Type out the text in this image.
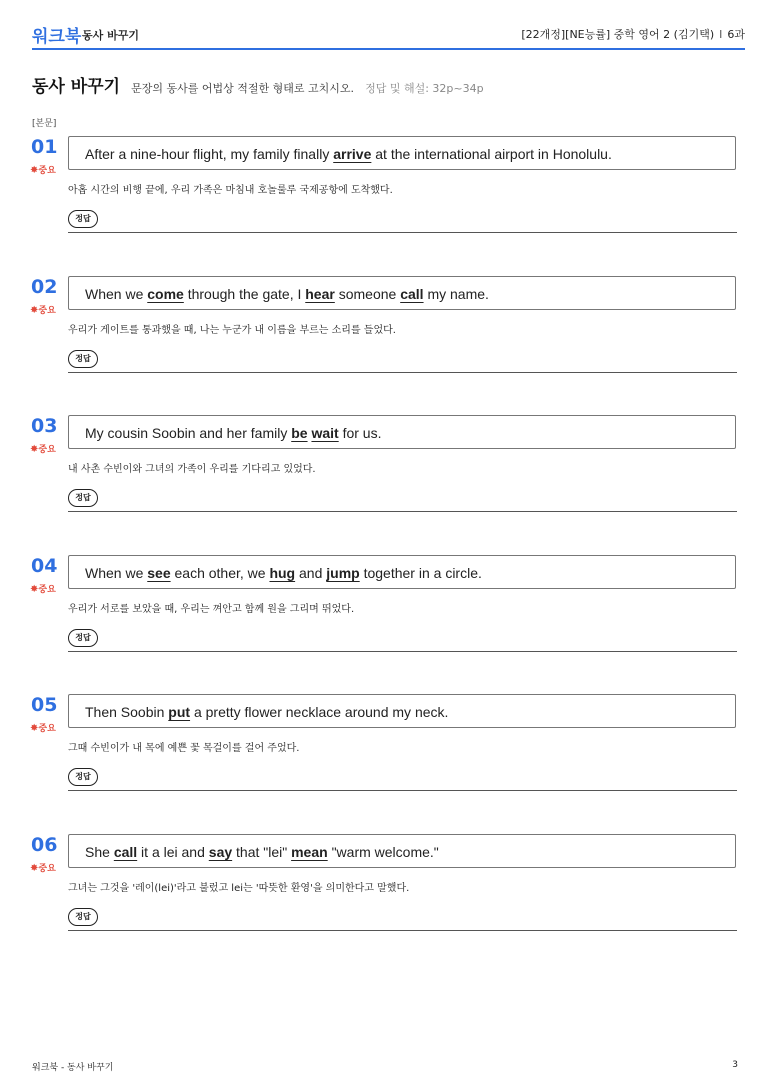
워크북 동사 바꾸기	[22개정][NE능률] 중학 영어 2 (김기택) I 6과
동사 바꾸기 문장의 동사를 어법상 적절한 형태로 고치시오. 정답 및 해설: 32p~34p
[본문]
01
✸중요
After a nine-hour flight, my family finally arrive at the international airport in Honolulu.
아홉 시간의 비행 끝에, 우리 가족은 마침내 호놀룰루 국제공항에 도착했다.
정답
02
✸중요
When we come through the gate, I hear someone call my name.
우리가 게이트를 통과했을 때, 나는 누군가 내 이름을 부르는 소리를 들었다.
정답
03
✸중요
My cousin Soobin and her family be wait for us.
내 사촌 수빈이와 그녀의 가족이 우리를 기다리고 있었다.
정답
04
✸중요
When we see each other, we hug and jump together in a circle.
우리가 서로를 보았을 때, 우리는 껴안고 함께 원을 그리며 뛰었다.
정답
05
✸중요
Then Soobin put a pretty flower necklace around my neck.
그때 수빈이가 내 목에 예쁜 꽃 목걸이를 걸어 주었다.
정답
06
✸중요
She call it a lei and say that "lei" mean "warm welcome."
그녀는 그것을 '레이(lei)'라고 불렀고 lei는 '따뜻한 환영'을 의미한다고 말했다.
정답
워크북 - 동사 바꾸기	3
